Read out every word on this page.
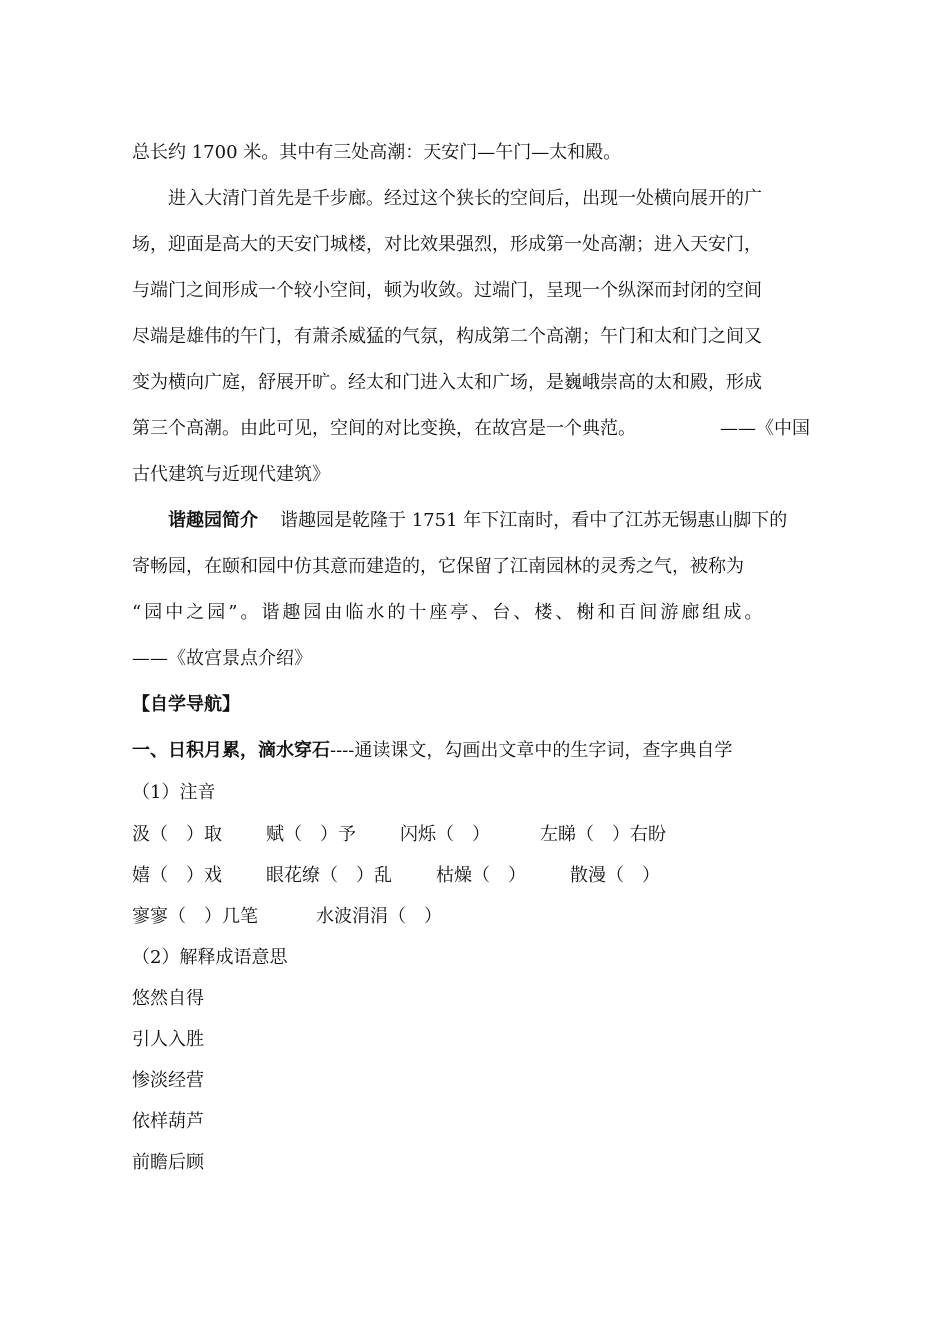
总长约 1700 米。其中有三处高潮：天安门—午门—太和殿。
进入大清门首先是千步廊。经过这个狭长的空间后，出现一处横向展开的广
场，迎面是高大的天安门城楼，对比效果强烈，形成第一处高潮；进入天安门，
与端门之间形成一个较小空间，顿为收敛。过端门，呈现一个纵深而封闭的空间
尽端是雄伟的午门，有萧杀威猛的气氛，构成第二个高潮；午门和太和门之间又
变为横向广庭，舒展开旷。经太和门进入太和广场，是巍峨崇高的太和殿，形成
第三个高潮。由此可见，空间的对比变换，在故宫是一个典范。	——《中国
古代建筑与近现代建筑》
谐趣园简介 谐趣园是乾隆于 1751 年下江南时，看中了江苏无锡惠山脚下的
寄畅园，在颐和园中仿其意而建造的，它保留了江南园林的灵秀之气，被称为
“园中之园”。谐趣园由临水的十座亭、台、楼、榭和百间游廊组成。
——《故宫景点介绍》
【自学导航】
一、日积月累，滴水穿石----通读课文，勾画出文章中的生字词，查字典自学
（1）注音
汲（　）取 赋（　）予 闪烁（　）	左睇（　）右盼
嬉（　）戏 眼花缭（　）乱 枯燥（　） 散漫（　）
寥寥（　）几笔	水波涓涓（　）
（2）解释成语意思
悠然自得
引人入胜
惨淡经营
依样葫芦
前瞻后顾
